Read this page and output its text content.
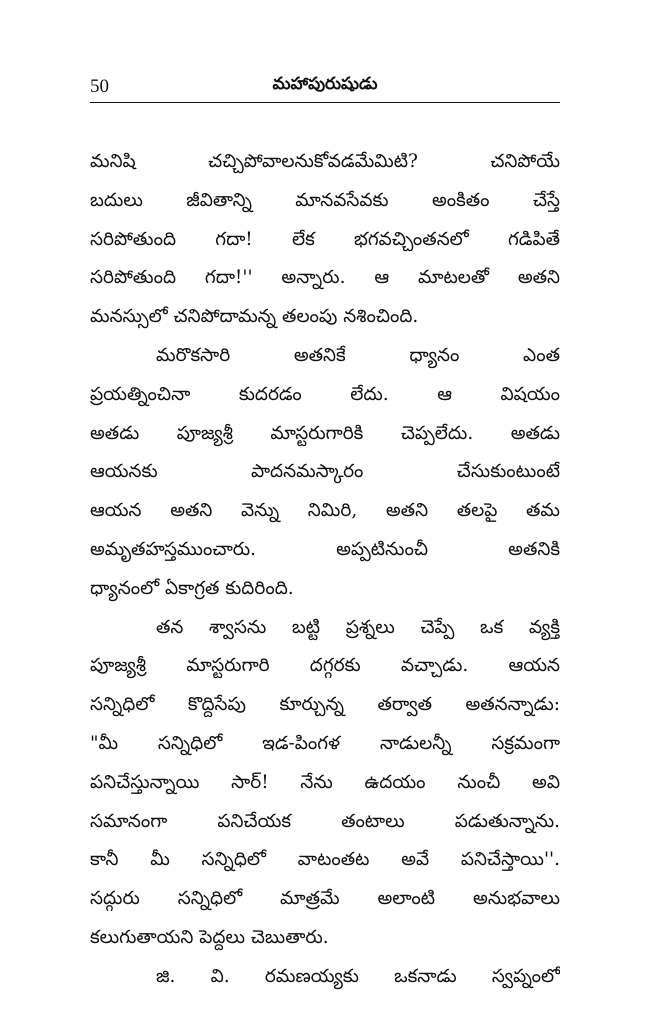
50	మహాపురుషుడు
మనిషి చచ్చిపోవాలనుకోవడమేమిటి? చనిపోయే
బదులు జీవితాన్ని మానవసేవకు అంకితం చేస్తే
సరిపోతుంది గదా! లేక భగవచ్చింతనలో గడిపితే
సరిపోతుంది గదా!'' అన్నారు. ఆ మాటలతో అతని
మనస్సులో చనిపోదామన్న తలంపు నశించింది.
మరొకసారి అతనికే ధ్యానం ఎంత
ప్రయత్నించినా కుదరడం లేదు. ఆ విషయం
అతడు పూజ్యశ్రీ మాస్టరుగారికి చెప్పలేదు. అతడు
ఆయనకు పాదనమస్కారం చేసుకుంటుంటే
ఆయన అతని వెన్ను నిమిరి, అతని తలపై తమ
అమృతహస్తముంచారు. అప్పటినుంచీ అతనికి
ధ్యానంలో ఏకాగ్రత కుదిరింది.
తన శ్వాసను బట్టి ప్రశ్నలు చెప్పే ఒక వ్యక్తి
పూజ్యశ్రీ మాస్టరుగారి దగ్గరకు వచ్చాడు. ఆయన
సన్నిధిలో కొద్దిసేపు కూర్చున్న తర్వాత అతనన్నాడు:
"మీ సన్నిధిలో ఇడ-పింగళ నాడులన్నీ సక్రమంగా
పనిచేస్తున్నాయి సార్! నేను ఉదయం నుంచీ అవి
సమానంగా పనిచేయక తంటాలు పడుతున్నాను.
కానీ మీ సన్నిధిలో వాటంతట అవే పనిచేస్తాయి''.
సద్గురు సన్నిధిలో మాత్రమే అలాంటి అనుభవాలు
కలుగుతాయని పెద్దలు చెబుతారు.
జి. వి. రమణయ్యకు ఒకనాడు స్వప్నంలో
